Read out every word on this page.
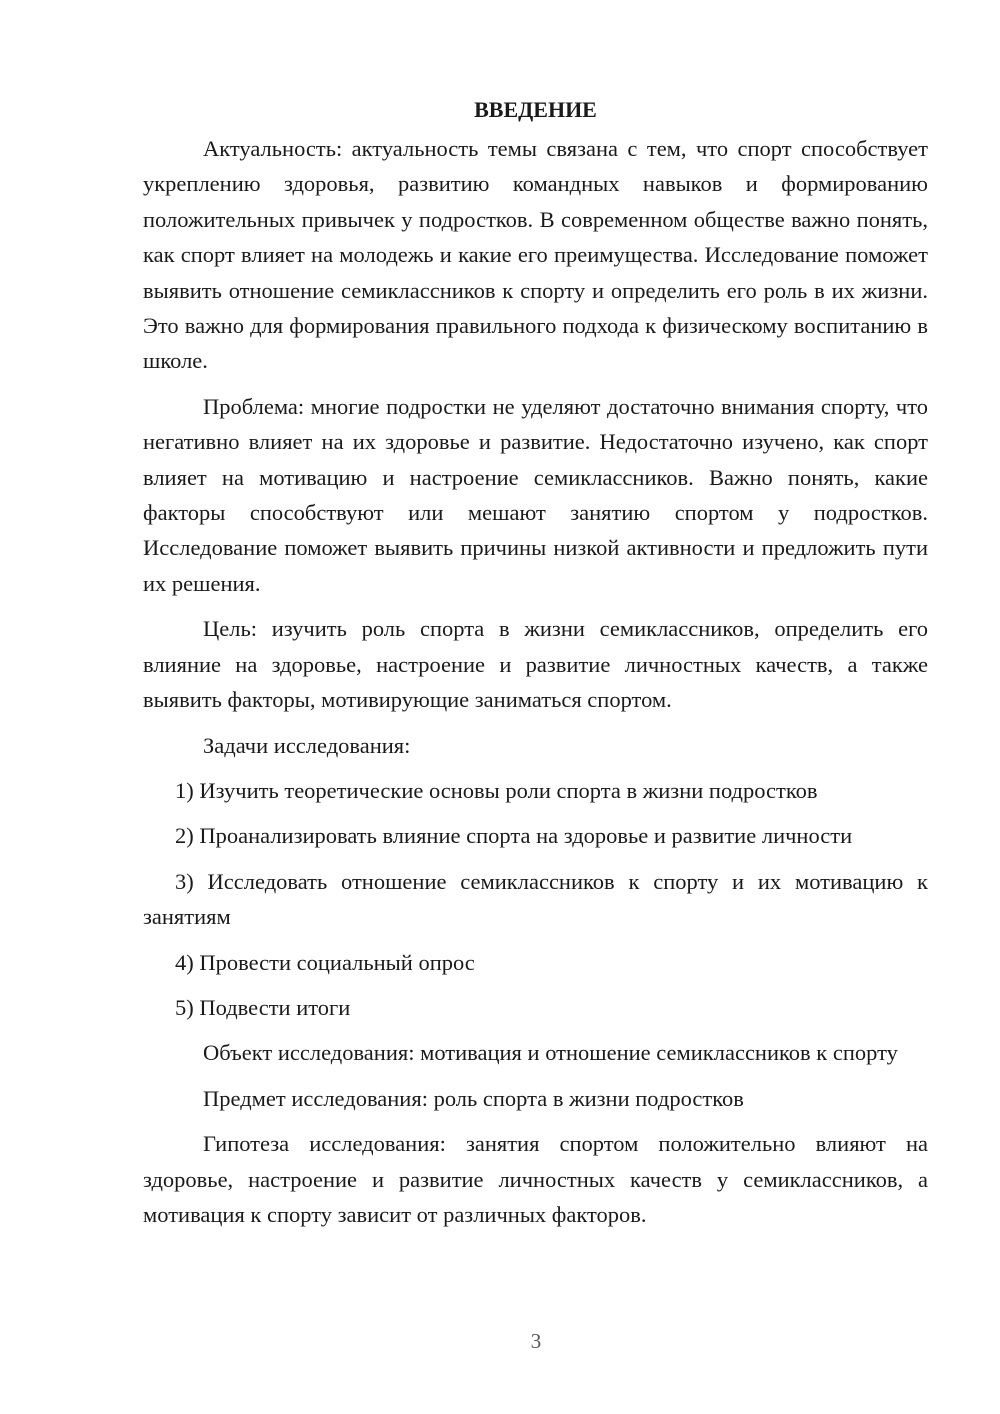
ВВЕДЕНИЕ

Актуальность: актуальность темы связана с тем, что спорт способствует укреплению здоровья, развитию командных навыков и формированию положительных привычек у подростков. В современном обществе важно понять, как спорт влияет на молодежь и какие его преимущества. Исследование поможет выявить отношение семиклассников к спорту и определить его роль в их жизни. Это важно для формирования правильного подхода к физическому воспитанию в школе.

Проблема: многие подростки не уделяют достаточно внимания спорту, что негативно влияет на их здоровье и развитие. Недостаточно изучено, как спорт влияет на мотивацию и настроение семиклассников. Важно понять, какие факторы способствуют или мешают занятию спортом у подростков. Исследование поможет выявить причины низкой активности и предложить пути их решения.

Цель: изучить роль спорта в жизни семиклассников, определить его влияние на здоровье, настроение и развитие личностных качеств, а также выявить факторы, мотивирующие заниматься спортом.

Задачи исследования:

1) Изучить теоретические основы роли спорта в жизни подростков

2) Проанализировать влияние спорта на здоровье и развитие личности

3) Исследовать отношение семиклассников к спорту и их мотивацию к занятиям

4) Провести социальный опрос

5) Подвести итоги

Объект исследования: мотивация и отношение семиклассников к спорту

Предмет исследования: роль спорта в жизни подростков

Гипотеза исследования: занятия спортом положительно влияют на здоровье, настроение и развитие личностных качеств у семиклассников, а мотивация к спорту зависит от различных факторов.

3
